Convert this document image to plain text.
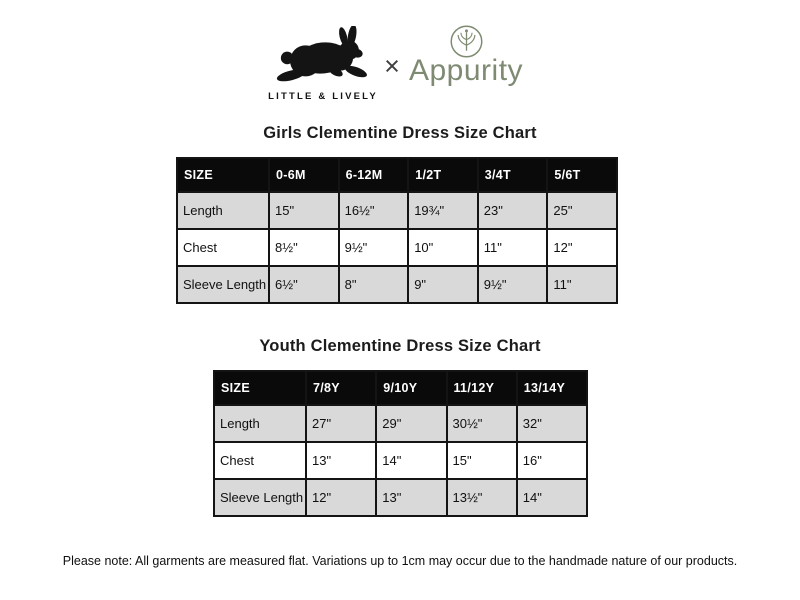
LITTLE & LIVELY
× Appurity
Girls Clementine Dress Size Chart
SIZE	0-6M	6-12M	1/2T	3/4T	5/6T
Length	15"	16½"	19¾"	23"	25"
Chest	8½"	9½"	10"	11"	12"
Sleeve Length	6½"	8"	9"	9½"	11"
Youth Clementine Dress Size Chart
SIZE	7/8Y	9/10Y	11/12Y	13/14Y
Length	27"	29"	30½"	32"
Chest	13"	14"	15"	16"
Sleeve Length	12"	13"	13½"	14"
Please note: All garments are measured flat. Variations up to 1cm may occur due to the handmade nature of our products.
